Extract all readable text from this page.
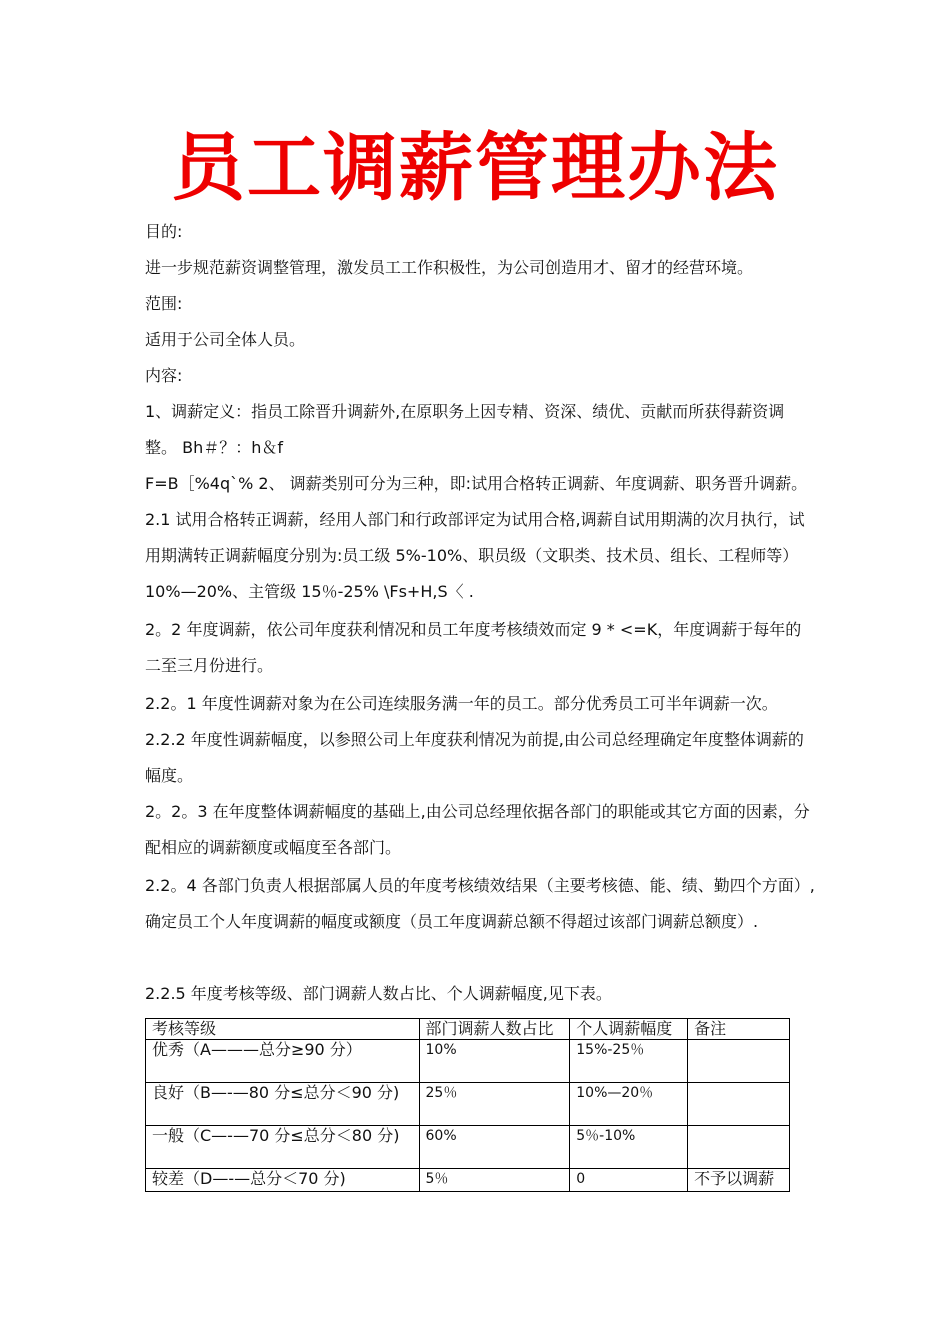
员工调薪管理办法

目的:

进一步规范薪资调整管理，激发员工工作积极性，为公司创造用才、留才的经营环境。

范围:

适用于公司全体人员。

内容:

1、调薪定义：指员工除晋升调薪外,在原职务上因专精、资深、绩优、贡献而所获得薪资调整。 Bh＃？：h＆f

F=B［%4q`% 2、 调薪类别可分为三种，即:试用合格转正调薪、年度调薪、职务晋升调薪。

2.1 试用合格转正调薪，经用人部门和行政部评定为试用合格,调薪自试用期满的次月执行，试用期满转正调薪幅度分别为:员工级 5%-10%、职员级（文职类、技术员、组长、工程师等）10%—20%、主管级 15％-25% \Fs+H,S〈 .

2。2 年度调薪，依公司年度获利情况和员工年度考核绩效而定 9 * <=K，年度调薪于每年的二至三月份进行。

2.2。1 年度性调薪对象为在公司连续服务满一年的员工。部分优秀员工可半年调薪一次。

2.2.2 年度性调薪幅度，以参照公司上年度获利情况为前提,由公司总经理确定年度整体调薪的幅度。

2。2。3 在年度整体调薪幅度的基础上,由公司总经理依据各部门的职能或其它方面的因素，分配相应的调薪额度或幅度至各部门。

2.2。4 各部门负责人根据部属人员的年度考核绩效结果（主要考核德、能、绩、勤四个方面）,确定员工个人年度调薪的幅度或额度（员工年度调薪总额不得超过该部门调薪总额度）.

2.2.5 年度考核等级、部门调薪人数占比、个人调薪幅度,见下表。

考核等级	部门调薪人数占比	个人调薪幅度	备注
优秀（A———总分≥90 分）	10%	15%-25％	
良好（B—-—80 分≤总分＜90 分)	25％	10%—20％	
一般（C—-—70 分≤总分＜80 分)	60%	5％-10%	
较差（D—-—总分＜70 分)	5％	0	不予以调薪
